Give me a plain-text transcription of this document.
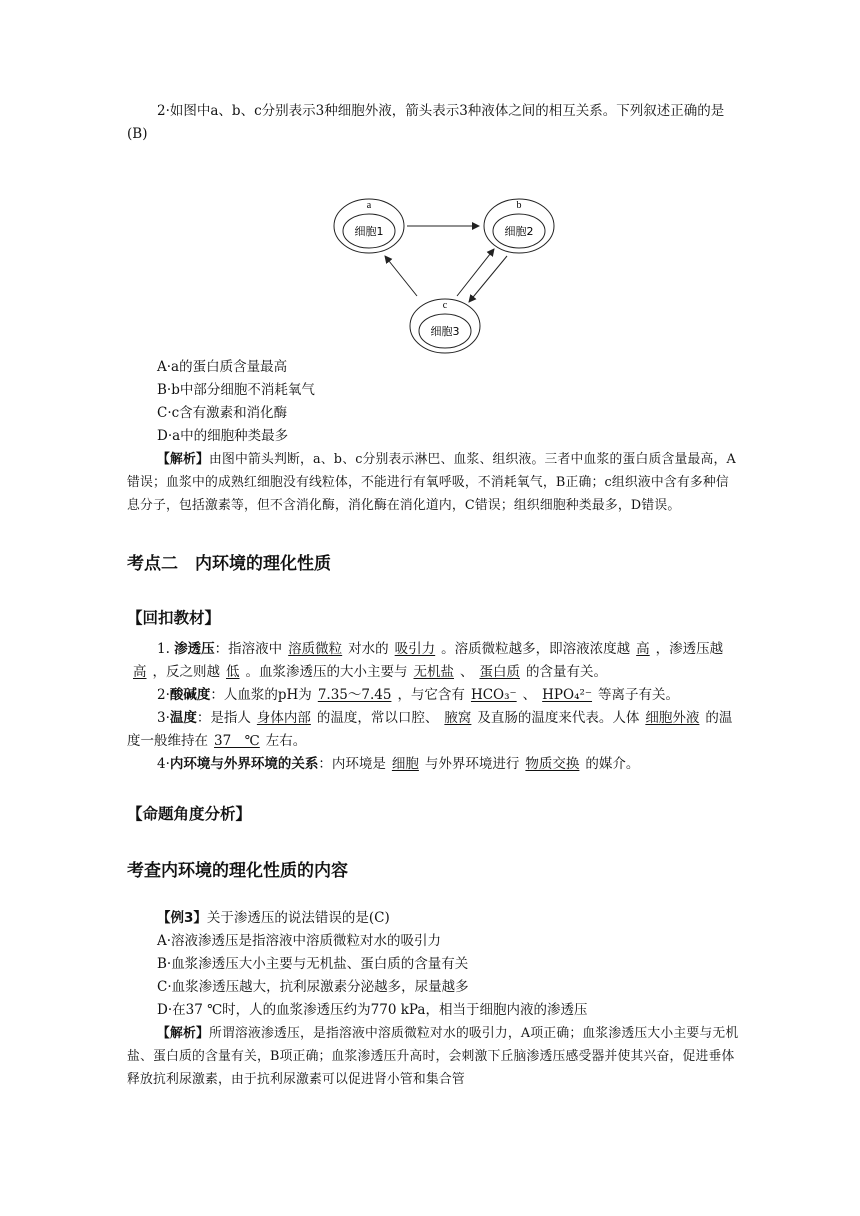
2·如图中a、b、c分别表示3种细胞外液，箭头表示3种液体之间的相互关系。下列叙述正确的是(B)

a
细胞1
b
细胞2
c
细胞3

A·a的蛋白质含量最高

B·b中部分细胞不消耗氧气

C·c含有激素和消化酶

D·a中的细胞种类最多

【解析】由图中箭头判断，a、b、c分别表示淋巴、血浆、组织液。三者中血浆的蛋白质含量最高，A错误；血浆中的成熟红细胞没有线粒体，不能进行有氧呼吸，不消耗氧气，B正确；c组织液中含有多种信息分子，包括激素等，但不含消化酶，消化酶在消化道内，C错误；组织细胞种类最多，D错误。

考点二　内环境的理化性质
【回扣教材】

1. 渗透压：指溶液中 溶质微粒 对水的 吸引力 。溶质微粒越多，即溶液浓度越 高 ，渗透压越高 ，反之则越 低 。血浆渗透压的大小主要与 无机盐 、 蛋白质 的含量有关。

2·酸碱度：人血浆的pH为 7.35～7.45 ，与它含有 HCO₃⁻ 、 HPO₄²⁻ 等离子有关。

3·温度：是指人 身体内部 的温度，常以口腔、 腋窝 及直肠的温度来代表。人体 细胞外液 的温度一般维持在 37　℃ 左右。

4·内环境与外界环境的关系：内环境是 细胞 与外界环境进行 物质交换 的媒介。

【命题角度分析】
考查内环境的理化性质的内容

【例3】关于渗透压的说法错误的是(C)

A·溶液渗透压是指溶液中溶质微粒对水的吸引力

B·血浆渗透压大小主要与无机盐、蛋白质的含量有关

C·血浆渗透压越大，抗利尿激素分泌越多，尿量越多

D·在37 ℃时，人的血浆渗透压约为770 kPa，相当于细胞内液的渗透压

【解析】所谓溶液渗透压，是指溶液中溶质微粒对水的吸引力，A项正确；血浆渗透压大小主要与无机盐、蛋白质的含量有关，B项正确；血浆渗透压升高时，会刺激下丘脑渗透压感受器并使其兴奋，促进垂体释放抗利尿激素，由于抗利尿激素可以促进肾小管和集合管
